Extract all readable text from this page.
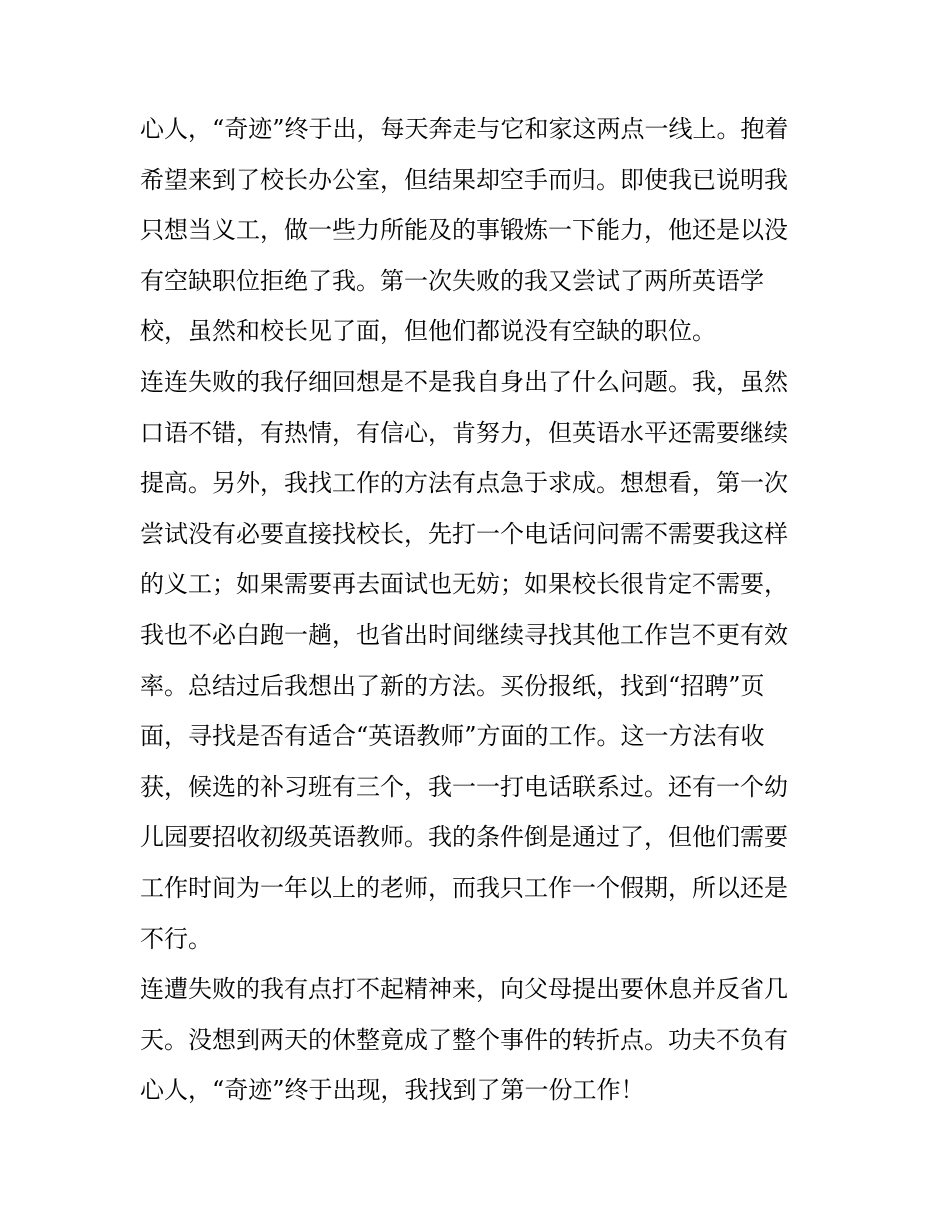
心人，“奇迹”终于出，每天奔走与它和家这两点一线上。抱着
希望来到了校长办公室，但结果却空手而归。即使我已说明我
只想当义工，做一些力所能及的事锻炼一下能力，他还是以没
有空缺职位拒绝了我。第一次失败的我又尝试了两所英语学
校，虽然和校长见了面，但他们都说没有空缺的职位。
连连失败的我仔细回想是不是我自身出了什么问题。我，虽然
口语不错，有热情，有信心，肯努力，但英语水平还需要继续
提高。另外，我找工作的方法有点急于求成。想想看，第一次
尝试没有必要直接找校长，先打一个电话问问需不需要我这样
的义工；如果需要再去面试也无妨；如果校长很肯定不需要，
我也不必白跑一趟，也省出时间继续寻找其他工作岂不更有效
率。总结过后我想出了新的方法。买份报纸，找到“招聘”页
面，寻找是否有适合“英语教师”方面的工作。这一方法有收
获，候选的补习班有三个，我一一打电话联系过。还有一个幼
儿园要招收初级英语教师。我的条件倒是通过了，但他们需要
工作时间为一年以上的老师，而我只工作一个假期，所以还是
不行。
连遭失败的我有点打不起精神来，向父母提出要休息并反省几
天。没想到两天的休整竟成了整个事件的转折点。功夫不负有
心人，“奇迹”终于出现，我找到了第一份工作！
